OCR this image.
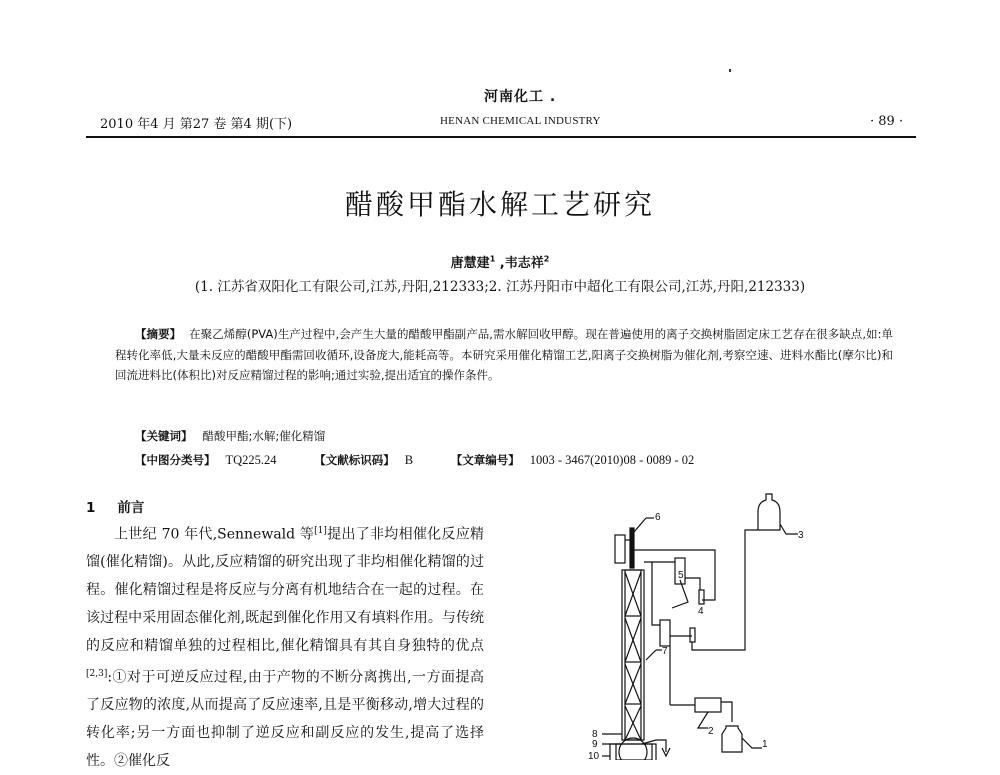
河南化工 .
2010 年4 月 第27 卷 第4 期(下)	HENAN CHEMICAL INDUSTRY	· 89 ·
醋酸甲酯水解工艺研究
唐慧建$^1$ ,韦志祥$^2$
(1. 江苏省双阳化工有限公司,江苏,丹阳,212333;2. 江苏丹阳市中超化工有限公司,江苏,丹阳,212333)
【摘要】 在聚乙烯醇(PVA)生产过程中,会产生大量的醋酸甲酯副产品,需水解回收甲醇。现在普遍使用的离子交换树脂固定床工艺存在很多缺点,如:单程转化率低,大量未反应的醋酸甲酯需回收循环,设备庞大,能耗高等。本研究采用催化精馏工艺,阳离子交换树脂为催化剂,考察空速、进料水酯比(摩尔比)和回流进料比(体积比)对反应精馏过程的影响;通过实验,提出适宜的操作条件。
【关键词】 醋酸甲酯;水解;催化精馏
【中图分类号】 TQ225.24	【文献标识码】 B	【文章编号】 1003 - 3467(2010)08 - 0089 - 02
1 前言

上世纪 70 年代,Sennewald 等[1]提出了非均相催化反应精馏(催化精馏)。从此,反应精馏的研究出现了非均相催化精馏的过程。催化精馏过程是将反应与分离有机地结合在一起的过程。在该过程中采用固态催化剂,既起到催化作用又有填料作用。与传统的反应和精馏单独的过程相比,催化精馏具有其自身独特的优点[2,3]:①对于可逆反应过程,由于产物的不断分离携出,一方面提高了反应物的浓度,从而提高了反应速率,且是平衡移动,增大过程的转化率;另一方面也抑制了逆反应和副反应的发生,提高了选择性。②催化反

1
2
3
4
5
6
7
8
9
10
